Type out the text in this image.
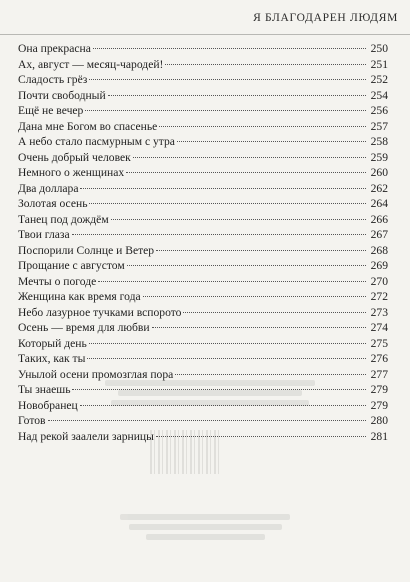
Я БЛАГОДАРЕН ЛЮДЯМ
Она прекрасна	250
Ах, август — месяц-чародей!	251
Сладость грёз	252
Почти свободный	254
Ещё не вечер	256
Дана мне Богом во спасенье	257
А небо стало пасмурным с утра	258
Очень добрый человек	259
Немного о женщинах	260
Два доллара	262
Золотая осень	264
Танец под дождём	266
Твои глаза	267
Поспорили Солнце и Ветер	268
Прощание с августом	269
Мечты о погоде	270
Женщина как время года	272
Небо лазурное тучками вспорото	273
Осень — время для любви	274
Который день	275
Таких, как ты	276
Унылой осени промозглая пора	277
Ты знаешь	279
Новобранец	279
Готов	280
Над рекой заалели зарницы	281
